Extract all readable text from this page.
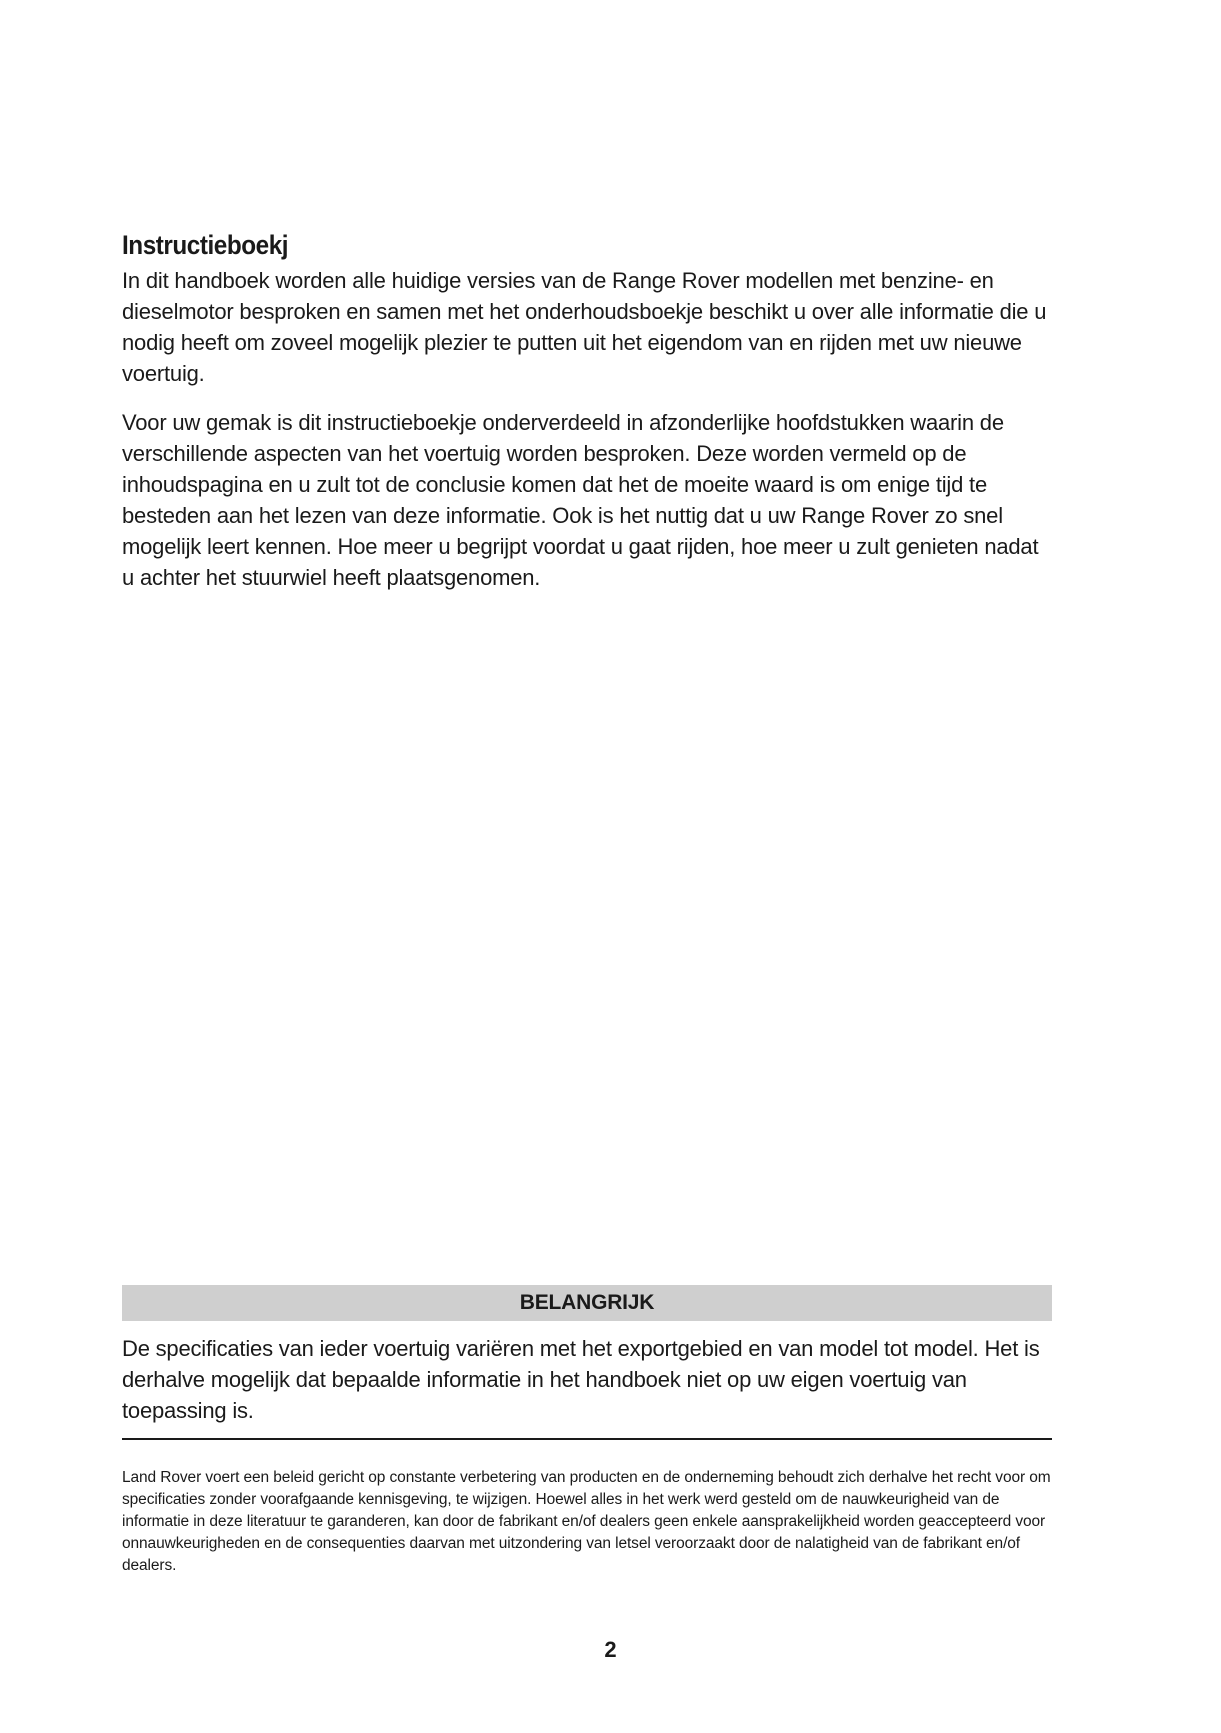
Instructieboekj

In dit handboek worden alle huidige versies van de Range Rover modellen met benzine- en dieselmotor besproken en samen met het onderhoudsboekje beschikt u over alle informatie die u nodig heeft om zoveel mogelijk plezier te putten uit het eigendom van en rijden met uw nieuwe voertuig.

Voor uw gemak is dit instructieboekje onderverdeeld in afzonderlijke hoofdstukken waarin de verschillende aspecten van het voertuig worden besproken. Deze worden vermeld op de inhoudspagina en u zult tot de conclusie komen dat het de moeite waard is om enige tijd te besteden aan het lezen van deze informatie. Ook is het nuttig dat u uw Range Rover zo snel mogelijk leert kennen. Hoe meer u begrijpt voordat u gaat rijden, hoe meer u zult genieten nadat u achter het stuurwiel heeft plaatsgenomen.

BELANGRIJK

De specificaties van ieder voertuig variëren met het exportgebied en van model tot model. Het is derhalve mogelijk dat bepaalde informatie in het handboek niet op uw eigen voertuig van toepassing is.

Land Rover voert een beleid gericht op constante verbetering van producten en de onderneming behoudt zich derhalve het recht voor om specificaties zonder voorafgaande kennisgeving, te wijzigen. Hoewel alles in het werk werd gesteld om de nauwkeurigheid van de informatie in deze literatuur te garanderen, kan door de fabrikant en/of dealers geen enkele aansprakelijkheid worden geaccepteerd voor onnauwkeurigheden en de consequenties daarvan met uitzondering van letsel veroorzaakt door de nalatigheid van de fabrikant en/of dealers.

2
